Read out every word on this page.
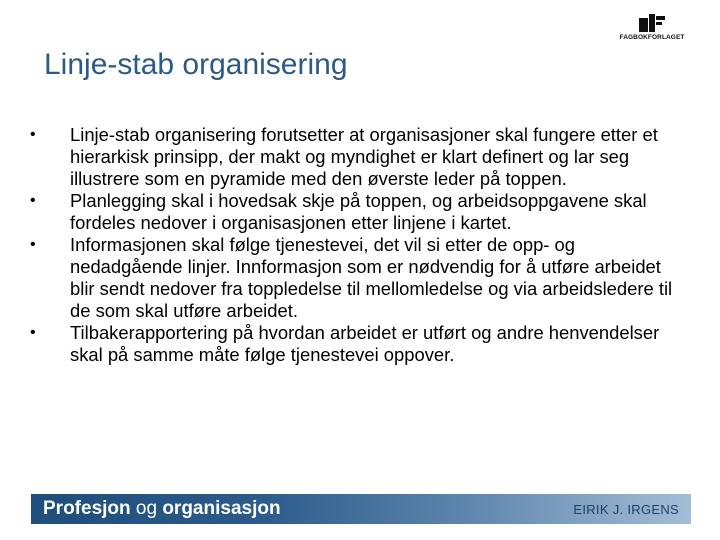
FAGBOKFORLAGET
Linje-stab organisering
• Linje-stab organisering forutsetter at organisasjoner skal fungere etter et hierarkisk prinsipp, der makt og myndighet er klart definert og lar seg illustrere som en pyramide med den øverste leder på toppen.
• Planlegging skal i hovedsak skje på toppen, og arbeidsoppgavene skal fordeles nedover i organisasjonen etter linjene i kartet.
• Informasjonen skal følge tjenestevei, det vil si etter de opp- og nedadgående linjer. Innformasjon som er nødvendig for å utføre arbeidet blir sendt nedover fra toppledelse til mellomledelse og via arbeidsledere til de som skal utføre arbeidet.
• Tilbakerapportering på hvordan arbeidet er utført og andre henvendelser skal på samme måte følge tjenestevei oppover.
Profesjon og organisasjon	EIRIK J. IRGENS
